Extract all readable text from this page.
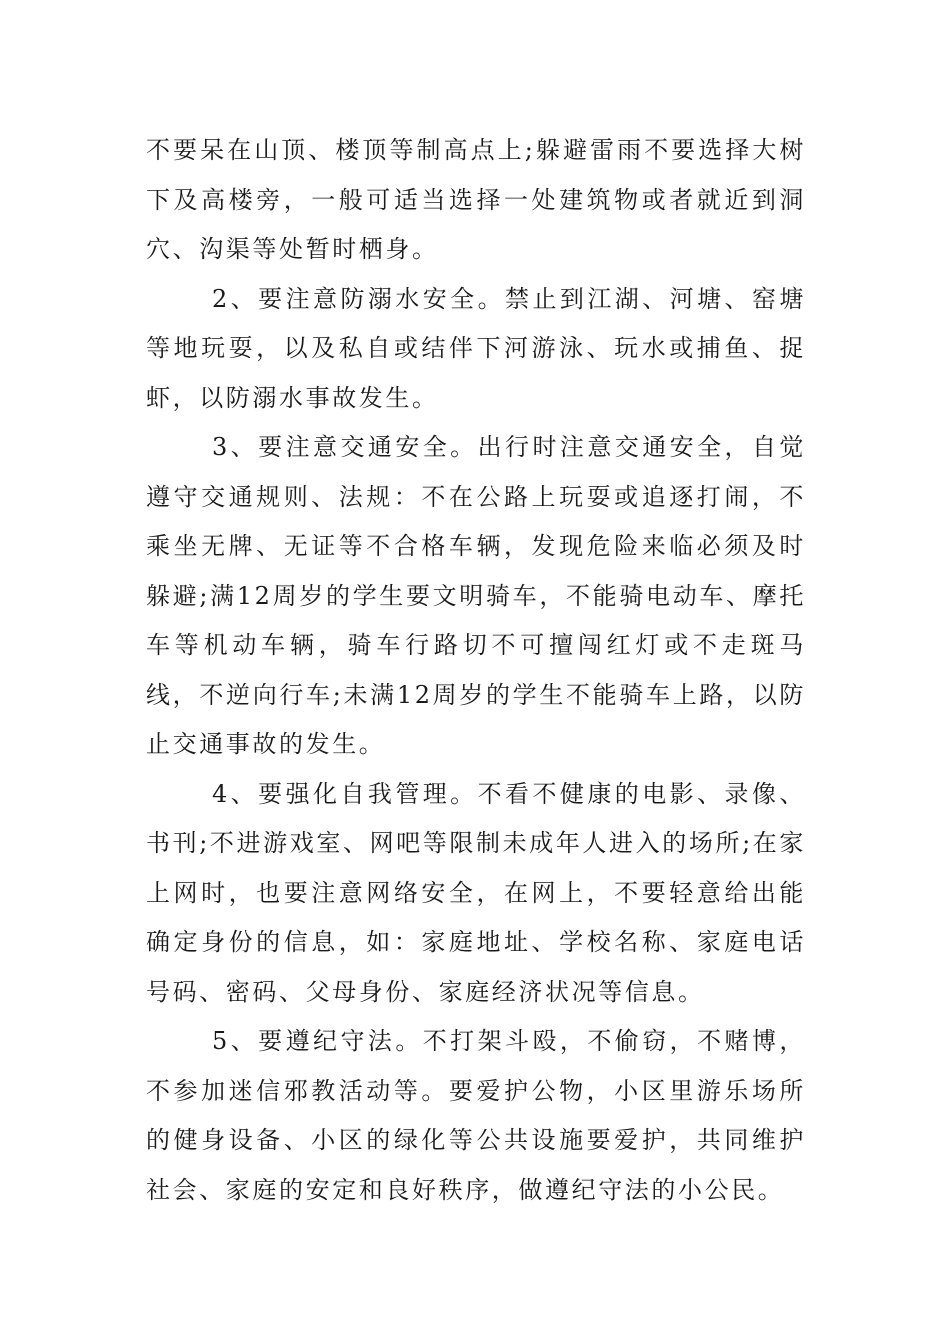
不要呆在山顶、楼顶等制高点上;躲避雷雨不要选择大树下及高楼旁，一般可适当选择一处建筑物或者就近到洞穴、沟渠等处暂时栖身。

2、要注意防溺水安全。禁止到江湖、河塘、窑塘等地玩耍，以及私自或结伴下河游泳、玩水或捕鱼、捉虾，以防溺水事故发生。

3、要注意交通安全。出行时注意交通安全，自觉遵守交通规则、法规：不在公路上玩耍或追逐打闹，不乘坐无牌、无证等不合格车辆，发现危险来临必须及时躲避;满12周岁的学生要文明骑车，不能骑电动车、摩托车等机动车辆，骑车行路切不可擅闯红灯或不走斑马线，不逆向行车;未满12周岁的学生不能骑车上路，以防止交通事故的发生。

4、要强化自我管理。不看不健康的电影、录像、书刊;不进游戏室、网吧等限制未成年人进入的场所;在家上网时，也要注意网络安全，在网上，不要轻意给出能确定身份的信息，如：家庭地址、学校名称、家庭电话号码、密码、父母身份、家庭经济状况等信息。

5、要遵纪守法。不打架斗殴，不偷窃，不赌博，不参加迷信邪教活动等。要爱护公物，小区里游乐场所的健身设备、小区的绿化等公共设施要爱护，共同维护社会、家庭的安定和良好秩序，做遵纪守法的小公民。
